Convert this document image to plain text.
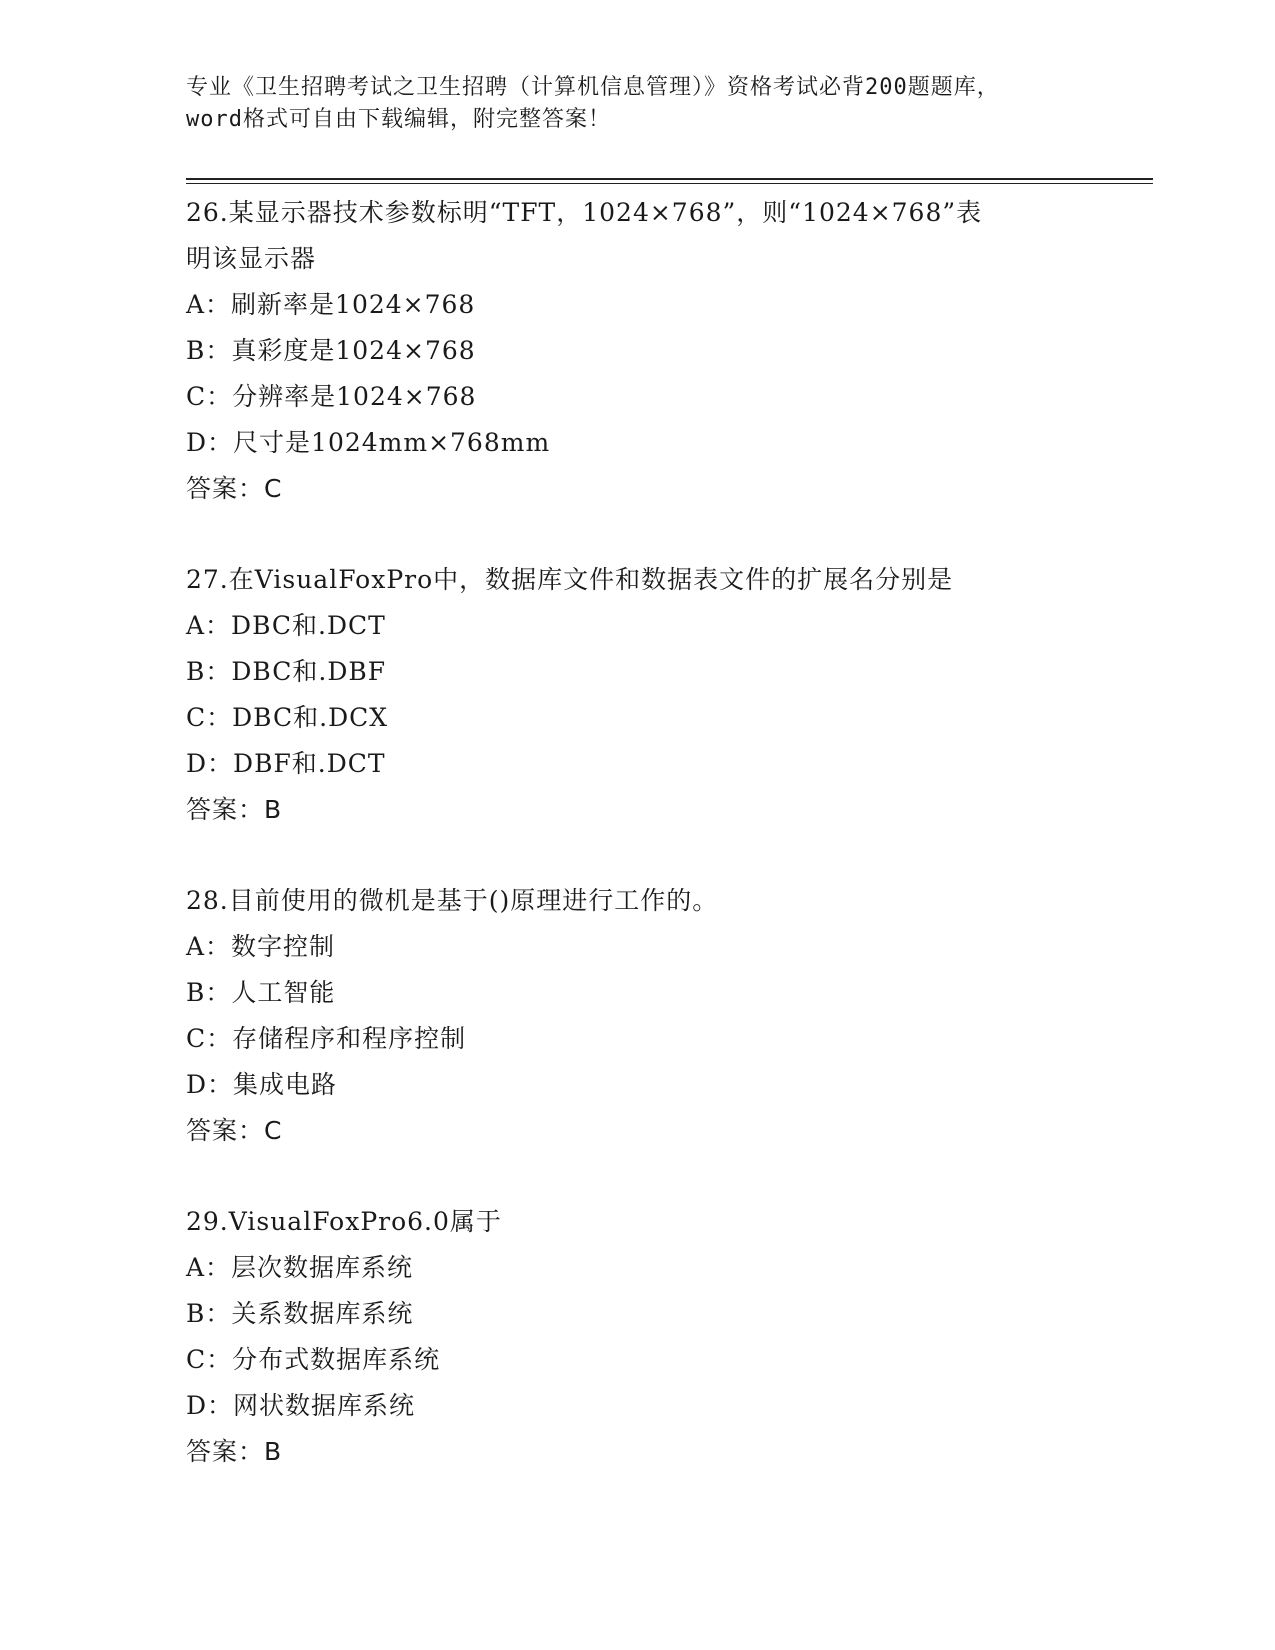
专业《卫生招聘考试之卫生招聘（计算机信息管理）》资格考试必背200题题库，
word格式可自由下载编辑，附完整答案！
26.某显示器技术参数标明“TFT，1024×768”，则“1024×768”表
明该显示器
A：刷新率是1024×768
B：真彩度是1024×768
C：分辨率是1024×768
D：尺寸是1024mm×768mm
答案：C
27.在VisualFoxPro中，数据库文件和数据表文件的扩展名分别是
A：DBC和.DCT
B：DBC和.DBF
C：DBC和.DCX
D：DBF和.DCT
答案：B
28.目前使用的微机是基于()原理进行工作的。
A：数字控制
B：人工智能
C：存储程序和程序控制
D：集成电路
答案：C
29.VisualFoxPro6.0属于
A：层次数据库系统
B：关系数据库系统
C：分布式数据库系统
D：网状数据库系统
答案：B
